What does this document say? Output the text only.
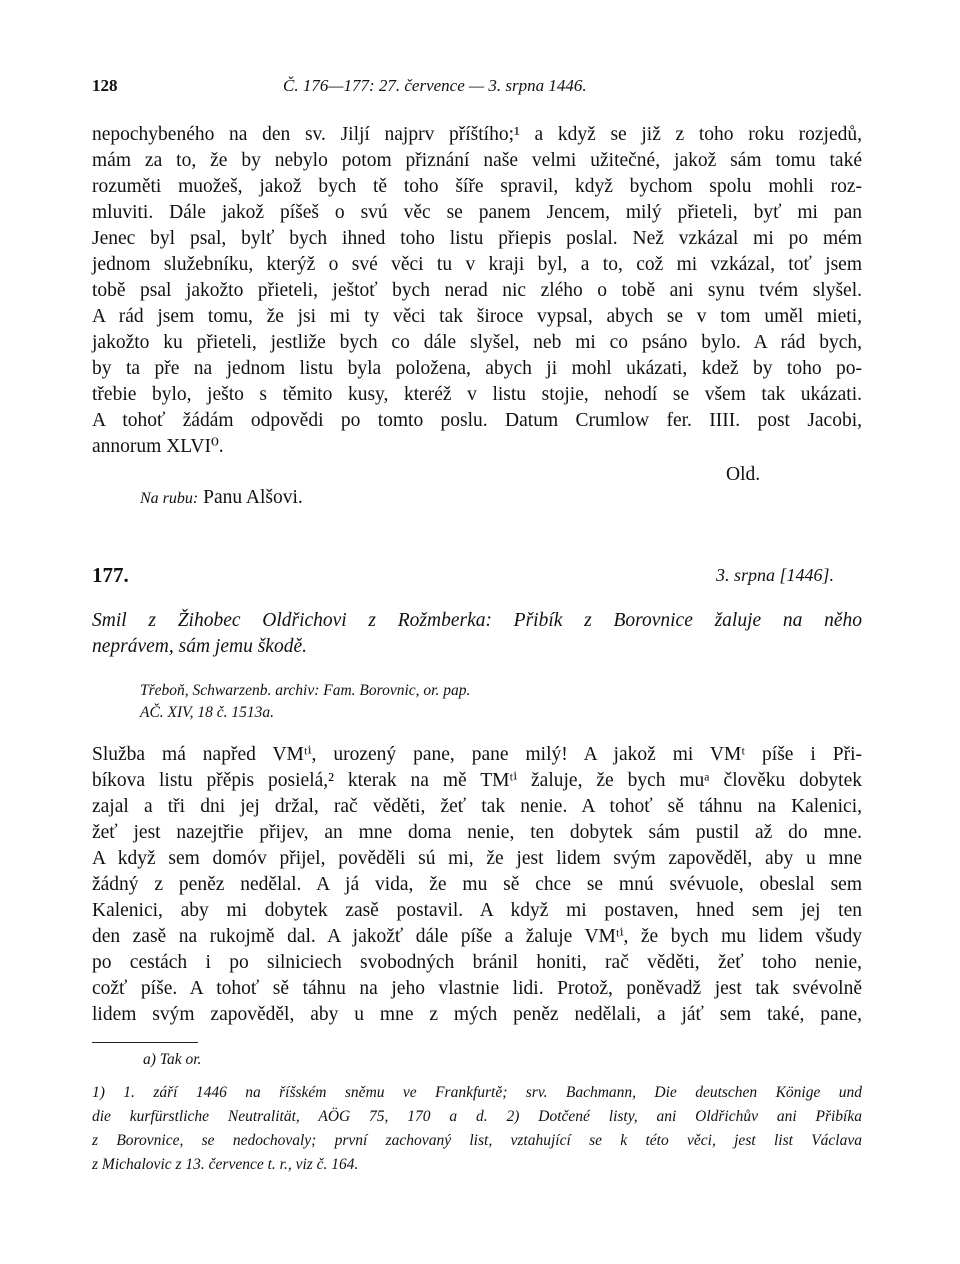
128	Č. 176—177: 27. července — 3. srpna 1446.
nepochybeného na den sv. Jiljí najprv příštího;¹ a když se již z toho roku rozjedů,
mám za to, že by nebylo potom přiznání naše velmi užitečné, jakož sám tomu také
rozuměti muožeš, jakož bych tě toho šíře spravil, když bychom spolu mohli roz-
mluviti. Dále jakož píšeš o svú věc se panem Jencem, milý přieteli, byť mi pan
Jenec byl psal, bylť bych ihned toho listu přiepis poslal. Než vzkázal mi po mém
jednom služebníku, kterýž o své věci tu v kraji byl, a to, což mi vzkázal, toť jsem
tobě psal jakožto přieteli, ještoť bych nerad nic zlého o tobě ani synu tvém slyšel.
A rád jsem tomu, že jsi mi ty věci tak široce vypsal, abych se v tom uměl mieti,
jakožto ku přieteli, jestliže bych co dále slyšel, neb mi co psáno bylo. A rád bych,
by ta pře na jednom listu byla položena, abych ji mohl ukázati, kdež by toho po-
třebie bylo, ješto s těmito kusy, kteréž v listu stojie, nehodí se všem tak ukázati.
A tohoť žádám odpovědi po tomto poslu. Datum Crumlow fer. IIII. post Jacobi,
annorum XLVI⁰.
Old.
Na rubu: Panu Alšovi.
177.	3. srpna [1446].
Smil z Žihobec Oldřichovi z Rožmberka: Přibík z Borovnice žaluje na něho
neprávem, sám jemu škodě.
Třeboň, Schwarzenb. archiv: Fam. Borovnic, or. pap.
AČ. XIV, 18 č. 1513a.
Služba má napřed VMᵗⁱ, urozený pane, pane milý! A jakož mi VMᵗ píše i Při-
bíkova listu přěpis posielá,² kterak na mě TMᵗⁱ žaluje, že bych muᵃ člověku dobytek
zajal a tři dni jej držal, rač věděti, žeť tak nenie. A tohoť sě táhnu na Kalenici,
žeť jest nazejtřie přijev, an mne doma nenie, ten dobytek sám pustil až do mne.
A když sem domóv přijel, pověděli sú mi, že jest lidem svým zapověděl, aby u mne
žádný z peněz nedělal. A já vida, že mu sě chce se mnú svévuole, obeslal sem
Kalenici, aby mi dobytek zasě postavil. A když mi postaven, hned sem jej ten
den zasě na rukojmě dal. A jakožť dále píše a žaluje VMᵗⁱ, že bych mu lidem všudy
po cestách i po silniciech svobodných bránil honiti, rač věděti, žeť toho nenie,
cožť píše. A tohoť sě táhnu na jeho vlastnie lidi. Protož, poněvadž jest tak svévolně
lidem svým zapověděl, aby u mne z mých peněz nedělali, a jáť sem také, pane,
a) Tak or.
1) 1. září 1446 na říšském sněmu ve Frankfurtě; srv. Bachmann, Die deutschen Könige und
die kurfürstliche Neutralität, AÖG 75, 170 a d. 2) Dotčené listy, ani Oldřichův ani Přibíka
z Borovnice, se nedochovaly; první zachovaný list, vztahující se k této věci, jest list Václava
z Michalovic z 13. července t. r., viz č. 164.
